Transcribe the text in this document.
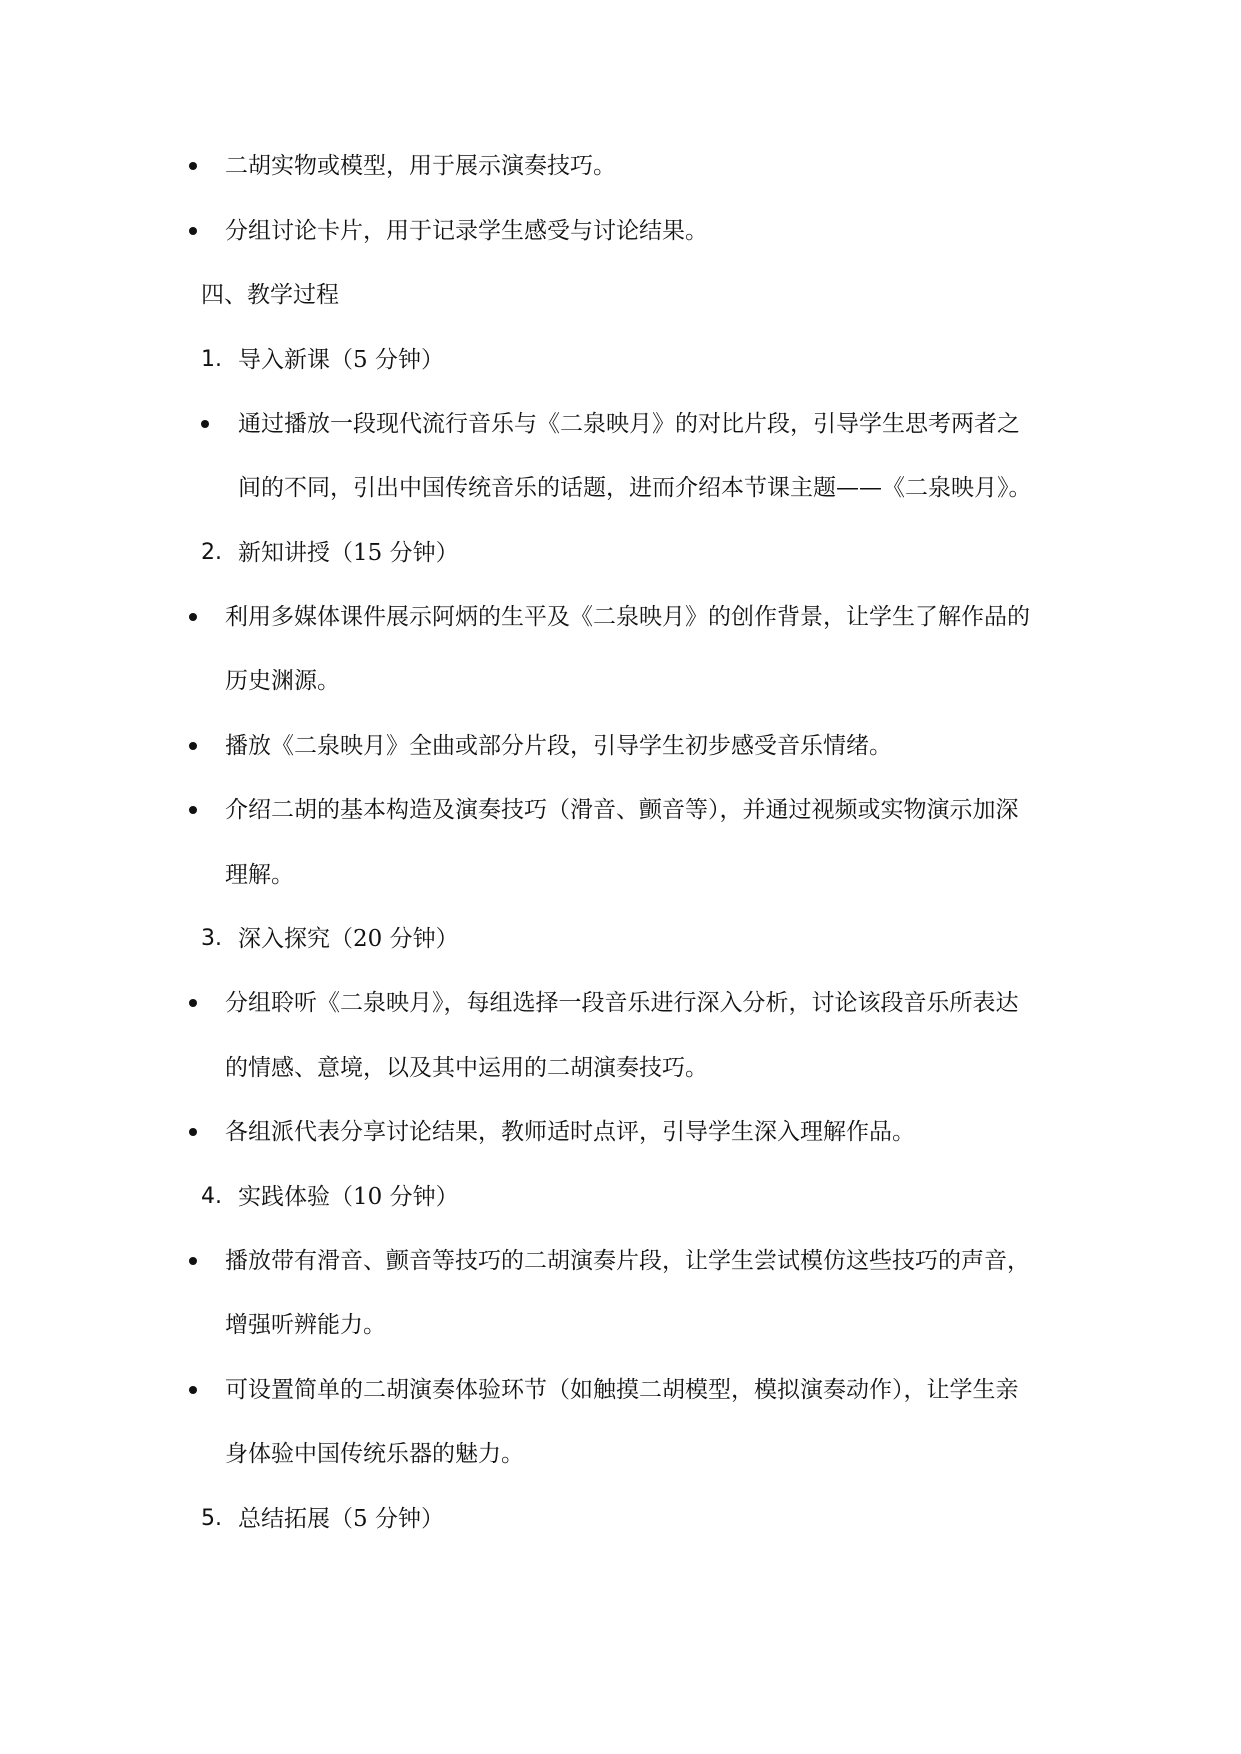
二胡实物或模型，用于展示演奏技巧。
分组讨论卡片，用于记录学生感受与讨论结果。
四、教学过程
1. 导入新课（5 分钟）
通过播放一段现代流行音乐与《二泉映月》的对比片段，引导学生思考两者之
间的不同，引出中国传统音乐的话题，进而介绍本节课主题——《二泉映月》。
2. 新知讲授（15 分钟）
利用多媒体课件展示阿炳的生平及《二泉映月》的创作背景，让学生了解作品的
历史渊源。
播放《二泉映月》全曲或部分片段，引导学生初步感受音乐情绪。
介绍二胡的基本构造及演奏技巧（滑音、颤音等），并通过视频或实物演示加深
理解。
3. 深入探究（20 分钟）
分组聆听《二泉映月》，每组选择一段音乐进行深入分析，讨论该段音乐所表达
的情感、意境，以及其中运用的二胡演奏技巧。
各组派代表分享讨论结果，教师适时点评，引导学生深入理解作品。
4. 实践体验（10 分钟）
播放带有滑音、颤音等技巧的二胡演奏片段，让学生尝试模仿这些技巧的声音，
增强听辨能力。
可设置简单的二胡演奏体验环节（如触摸二胡模型，模拟演奏动作），让学生亲
身体验中国传统乐器的魅力。
5. 总结拓展（5 分钟）
